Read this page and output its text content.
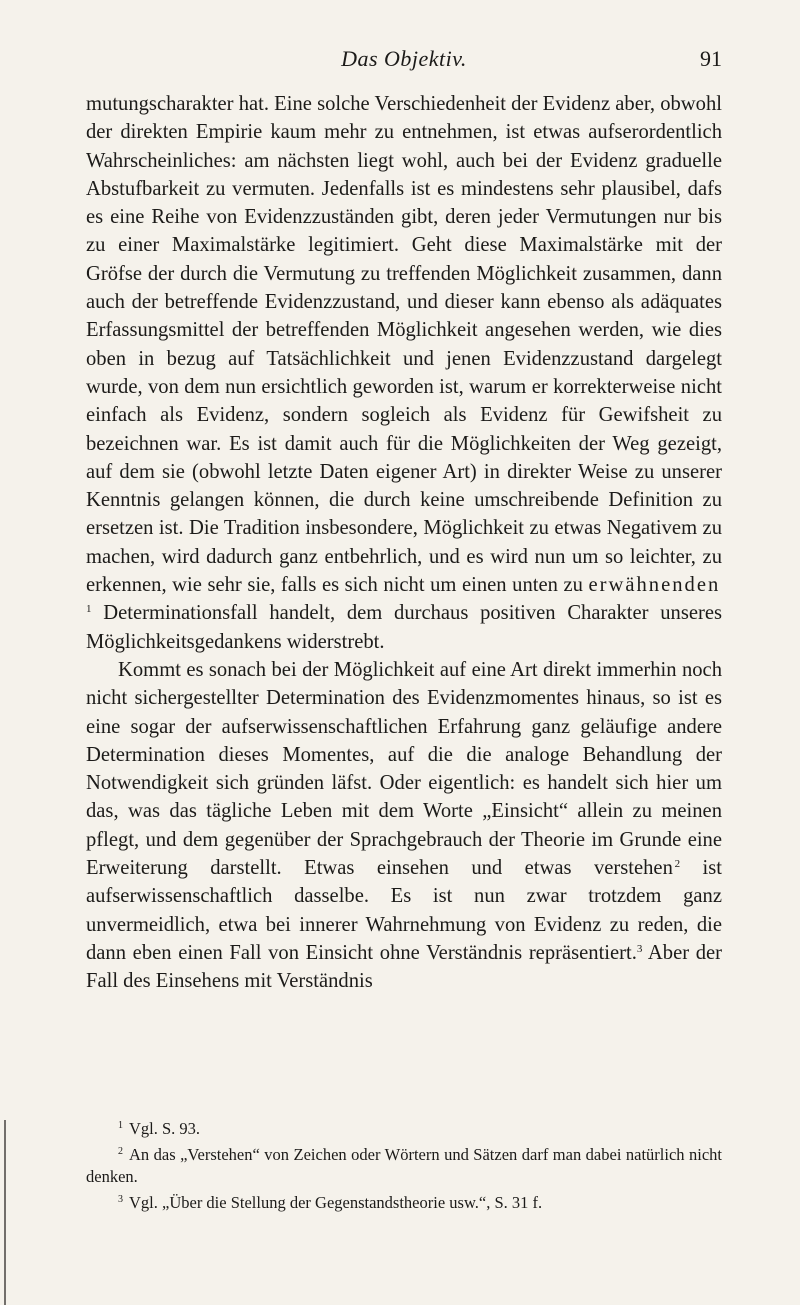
Das Objektiv.	91

mutungscharakter hat. Eine solche Verschiedenheit der Evidenz aber, obwohl der direkten Empirie kaum mehr zu entnehmen, ist etwas aufserordentlich Wahrscheinliches: am nächsten liegt wohl, auch bei der Evidenz graduelle Abstufbarkeit zu vermuten. Jedenfalls ist es mindestens sehr plausibel, dafs es eine Reihe von Evidenzzuständen gibt, deren jeder Vermutungen nur bis zu einer Maximalstärke legitimiert. Geht diese Maximalstärke mit der Gröfse der durch die Vermutung zu treffenden Möglichkeit zusammen, dann auch der betreffende Evidenzzustand, und dieser kann ebenso als adäquates Erfassungsmittel der betreffenden Möglichkeit angesehen werden, wie dies oben in bezug auf Tatsächlichkeit und jenen Evidenzzustand dargelegt wurde, von dem nun ersichtlich geworden ist, warum er korrekterweise nicht einfach als Evidenz, sondern sogleich als Evidenz für Gewifsheit zu bezeichnen war. Es ist damit auch für die Möglichkeiten der Weg gezeigt, auf dem sie (obwohl letzte Daten eigener Art) in direkter Weise zu unserer Kenntnis gelangen können, die durch keine umschreibende Definition zu ersetzen ist. Die Tradition insbesondere, Möglichkeit zu etwas Negativem zu machen, wird dadurch ganz entbehrlich, und es wird nun um so leichter, zu erkennen, wie sehr sie, falls es sich nicht um einen unten zu erwähnenden $^1$ Determinationsfall handelt, dem durchaus positiven Charakter unseres Möglichkeitsgedankens widerstrebt.

Kommt es sonach bei der Möglichkeit auf eine Art direkt immerhin noch nicht sichergestellter Determination des Evidenzmomentes hinaus, so ist es eine sogar der aufserwissenschaftlichen Erfahrung ganz geläufige andere Determination dieses Momentes, auf die die analoge Behandlung der Notwendigkeit sich gründen läfst. Oder eigentlich: es handelt sich hier um das, was das tägliche Leben mit dem Worte „Einsicht“ allein zu meinen pflegt, und dem gegenüber der Sprachgebrauch der Theorie im Grunde eine Erweiterung darstellt. Etwas einsehen und etwas verstehen  $^2$ ist aufserwissenschaftlich dasselbe. Es ist nun zwar trotzdem ganz unvermeidlich, etwa bei innerer Wahrnehmung von Evidenz zu reden, die dann eben einen Fall von Einsicht ohne Verständnis repräsentiert.$^3$ Aber der Fall des Einsehens mit Verständnis

$^1$ Vgl. S. 93.

$^2$ An das „Verstehen“ von Zeichen oder Wörtern und Sätzen darf man dabei natürlich nicht denken.

$^3$ Vgl. „Über die Stellung der Gegenstandstheorie usw.“, S. 31 f.
